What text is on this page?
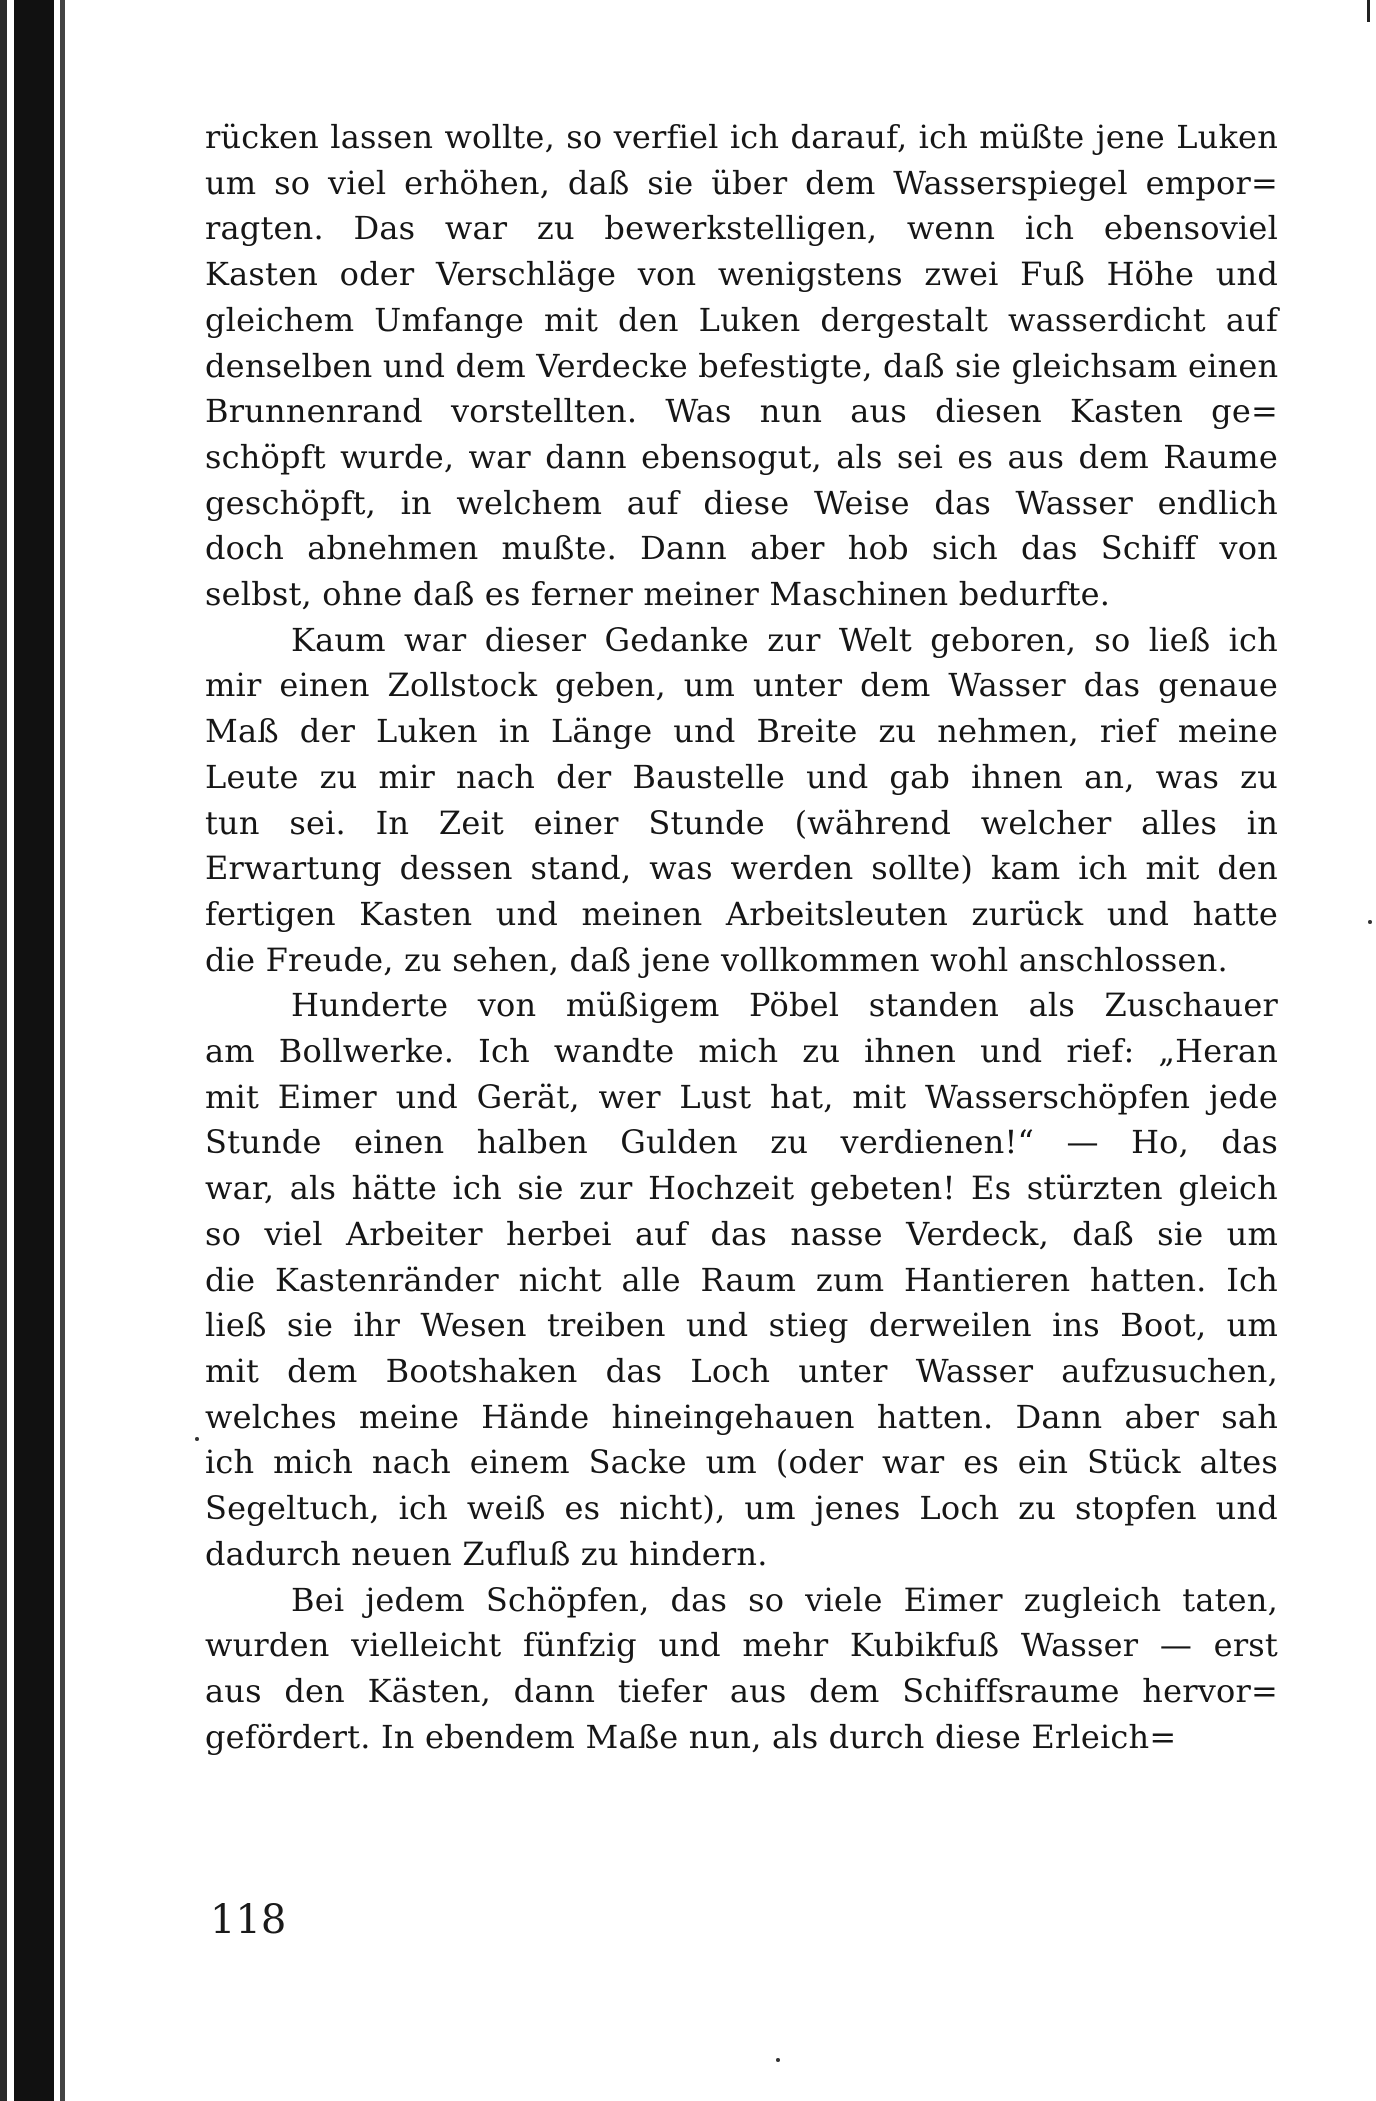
rücken lassen wollte, so verfiel ich darauf, ich müßte jene Luken
um so viel erhöhen, daß sie über dem Wasserspiegel empor=
ragten. Das war zu bewerkstelligen, wenn ich ebensoviel
Kasten oder Verschläge von wenigstens zwei Fuß Höhe und
gleichem Umfange mit den Luken dergestalt wasserdicht auf
denselben und dem Verdecke befestigte, daß sie gleichsam einen
Brunnenrand vorstellten. Was nun aus diesen Kasten ge=
schöpft wurde, war dann ebensogut, als sei es aus dem Raume
geschöpft, in welchem auf diese Weise das Wasser endlich
doch abnehmen mußte. Dann aber hob sich das Schiff von
selbst, ohne daß es ferner meiner Maschinen bedurfte.

Kaum war dieser Gedanke zur Welt geboren, so ließ ich
mir einen Zollstock geben, um unter dem Wasser das genaue
Maß der Luken in Länge und Breite zu nehmen, rief meine
Leute zu mir nach der Baustelle und gab ihnen an, was zu
tun sei. In Zeit einer Stunde (während welcher alles in
Erwartung dessen stand, was werden sollte) kam ich mit den
fertigen Kasten und meinen Arbeitsleuten zurück und hatte
die Freude, zu sehen, daß jene vollkommen wohl anschlossen.

Hunderte von müßigem Pöbel standen als Zuschauer
am Bollwerke. Ich wandte mich zu ihnen und rief: „Heran
mit Eimer und Gerät, wer Lust hat, mit Wasserschöpfen jede
Stunde einen halben Gulden zu verdienen!“ — Ho, das
war, als hätte ich sie zur Hochzeit gebeten! Es stürzten gleich
so viel Arbeiter herbei auf das nasse Verdeck, daß sie um
die Kastenränder nicht alle Raum zum Hantieren hatten. Ich
ließ sie ihr Wesen treiben und stieg derweilen ins Boot, um
mit dem Bootshaken das Loch unter Wasser aufzusuchen,
welches meine Hände hineingehauen hatten. Dann aber sah
ich mich nach einem Sacke um (oder war es ein Stück altes
Segeltuch, ich weiß es nicht), um jenes Loch zu stopfen und
dadurch neuen Zufluß zu hindern.

Bei jedem Schöpfen, das so viele Eimer zugleich taten,
wurden vielleicht fünfzig und mehr Kubikfuß Wasser — erst
aus den Kästen, dann tiefer aus dem Schiffsraume hervor=
gefördert. In ebendem Maße nun, als durch diese Erleich=

118
